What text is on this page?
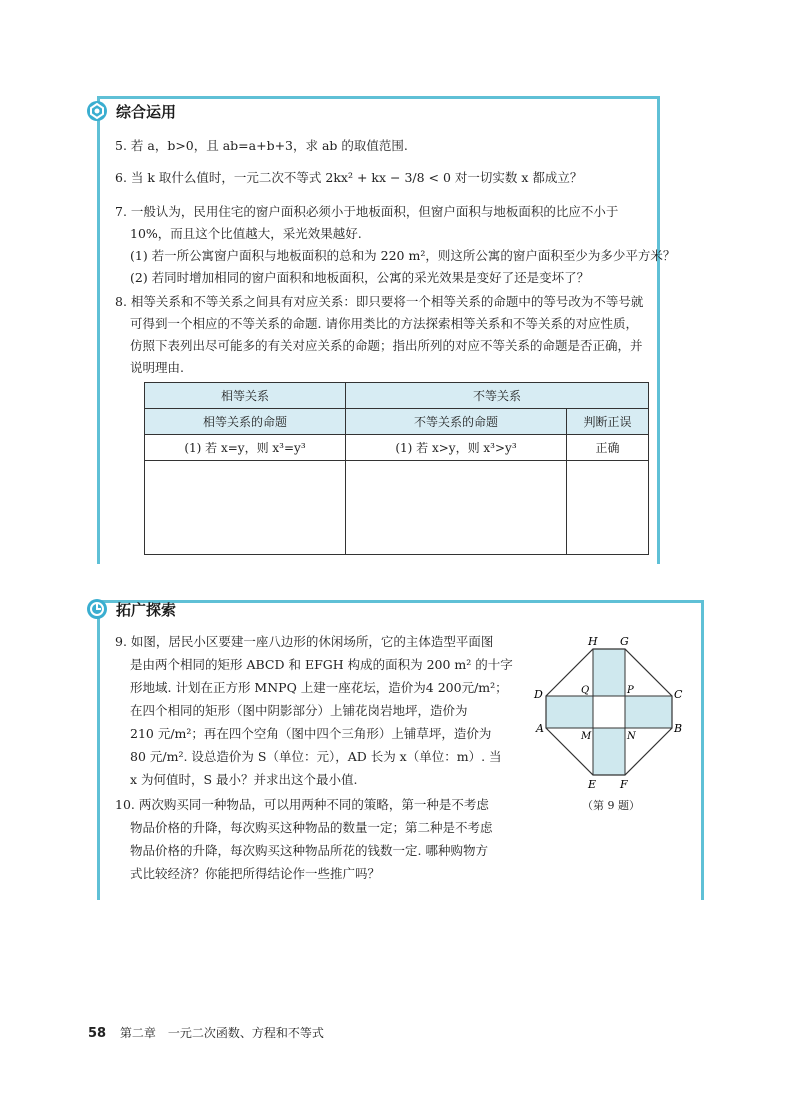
综合运用
5. 若 a，b>0，且 ab=a+b+3，求 ab 的取值范围.
6. 当 k 取什么值时，一元二次不等式 2kx² + kx − 3/8 < 0 对一切实数 x 都成立？
7. 一般认为，民用住宅的窗户面积必须小于地板面积，但窗户面积与地板面积的比应不小于
10%，而且这个比值越大，采光效果越好.
(1) 若一所公寓窗户面积与地板面积的总和为 220 m²，则这所公寓的窗户面积至少为多少平方米？
(2) 若同时增加相同的窗户面积和地板面积，公寓的采光效果是变好了还是变坏了？
8. 相等关系和不等关系之间具有对应关系：即只要将一个相等关系的命题中的等号改为不等号就
可得到一个相应的不等关系的命题. 请你用类比的方法探索相等关系和不等关系的对应性质，
仿照下表列出尽可能多的有关对应关系的命题；指出所列的对应不等关系的命题是否正确，并
说明理由.
相等关系	不等关系	
相等关系的命题	不等关系的命题	判断正误
(1) 若 x=y，则 x³=y³	(1) 若 x>y，则 x³>y³	正确

拓广探索
9. 如图，居民小区要建一座八边形的休闲场所，它的主体造型平面图
是由两个相同的矩形 ABCD 和 EFGH 构成的面积为 200 m² 的十字
形地域. 计划在正方形 MNPQ 上建一座花坛，造价为4 200元/m²；
在四个相同的矩形（图中阴影部分）上铺花岗岩地坪，造价为
210 元/m²；再在四个空角（图中四个三角形）上铺草坪，造价为
80 元/m². 设总造价为 S（单位：元），AD 长为 x（单位：m）. 当
x 为何值时，S 最小？并求出这个最小值.
10. 两次购买同一种物品，可以用两种不同的策略，第一种是不考虑
物品价格的升降，每次购买这种物品的数量一定；第二种是不考虑
物品价格的升降，每次购买这种物品所花的钱数一定. 哪种购物方
式比较经济？你能把所得结论作一些推广吗？
H G
D	C
A	B
E F
Q	P
M	N
（第 9 题）
58 第二章　一元二次函数、方程和不等式
